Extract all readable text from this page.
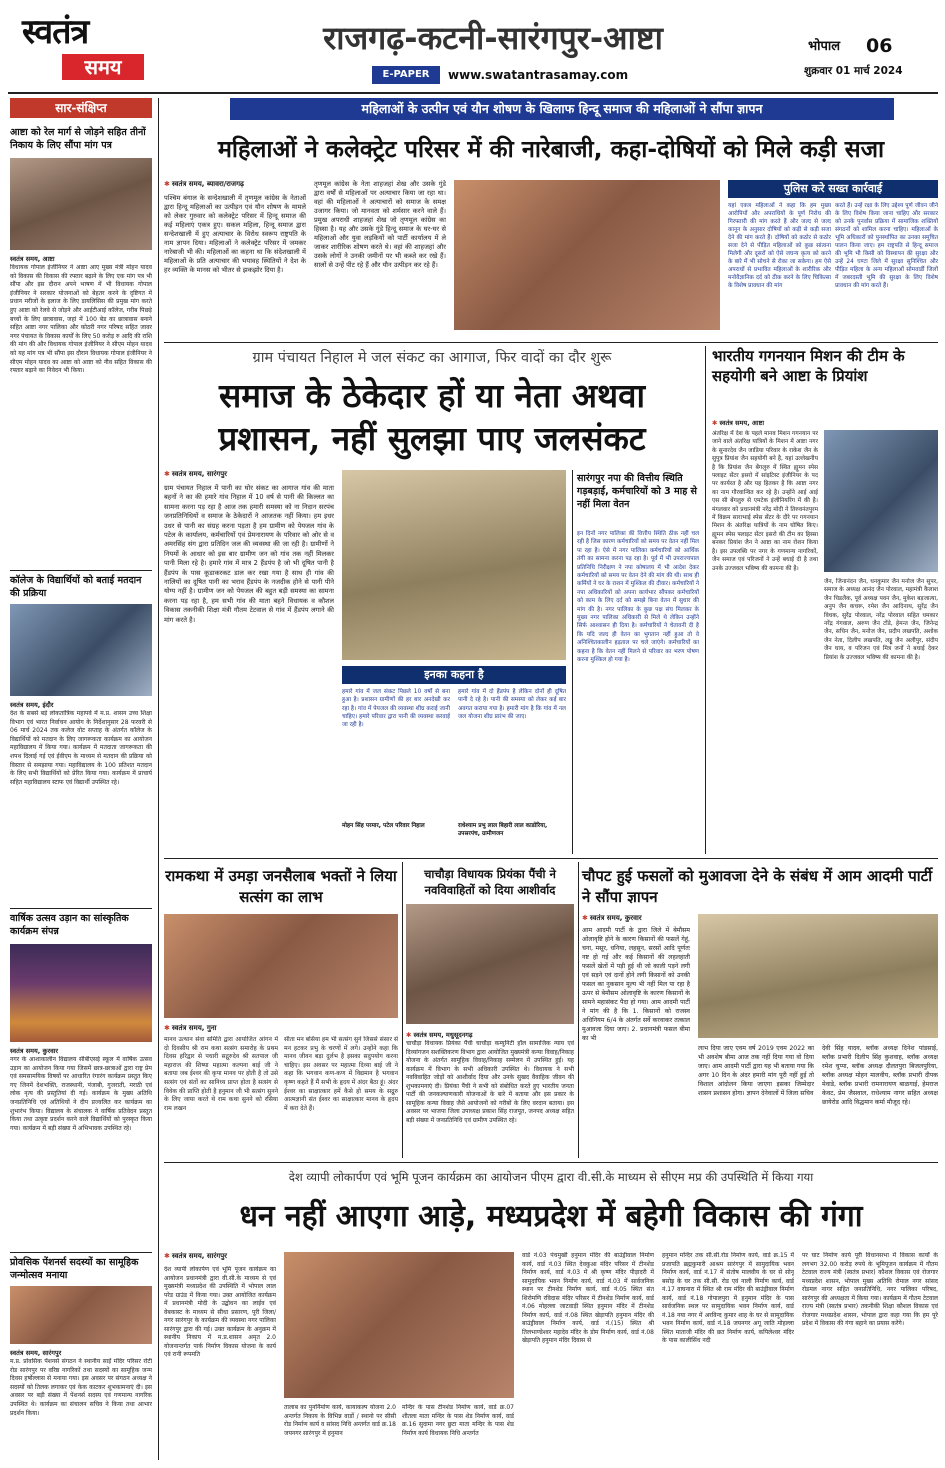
स्वतंत्र
समय
राजगढ़-कटनी-सारंगपुर-आष्टा
E-PAPER	www.swatantrasamay.com
भोपाल	06
शुक्रवार 01 मार्च 2024
सार-संक्षिप्त
आष्टा को रेल मार्ग से जोड़ने सहित तीनों निकाय के लिए सौंपा मांग पत्र
स्वतंत्र समय, आष्टा
विधायक गोपाल इंजीनियर ने आष्टा आए मुख्य मंत्री मोहन यादव को विकास की विकास की रफ्तार बढ़ाने के लिए एक मांग पत्र भी सौंपा और इस दौरान अपने भाषण में भी विधायक गोपाल इंजीनियर ने सरकार योजनाओं को बेहतर करने के दृष्टिगत में प्रधान मरीजों के इलाज के लिए डायलिसिस की प्रमुख मांग करते हुए आष्टा को रेलवे से जोड़ने और आईटीआई कॉलेज, गरीब पिछड़े बच्चों के लिए छात्रावास, जहां में 100 बेड का छात्रावास बनाने सहित आष्टा नगर पालिका और कोठरी नगर परिषद सहित जावर नगर पंचायत के विकास कार्यों के लिए 50 करोड़ रु आदि की राशि की मांग की और विधायक गोपाल इंजीनियर ने सीएम मोहन यादव को यह मांग पत्र भी सौंपा इस दौरान विधायक गोपाल इंजीनियर ने सीएम मोहन यादव का आष्टा को आष्टा को नीव सहित विकास की रफ्तार बढ़ाने का निवेदन भी किया।
कॉलेज के विद्यार्थियों को बताई मतदान की प्रक्रिया
स्वतंत्र समय, इंदौर
देश के सबसे बड़े लोकतांत्रिक महापर्व में म.प्र. शासन उच्च शिक्षा विभाग एवं भारत निर्वाचन आयोग के निर्देशानुसार 28 फरवरी से 06 मार्च 2024 तक कलेज वोट सप्ताह के अंतर्गत कॉलेज के विद्यार्थियों को मतदान के लिए जागरूकता कार्यक्रम का आयोजन महाविद्यालय में किया गया। कार्यक्रम में मतदाता जागरूकता की शपथ दिलाई गई एवं ईवीएम के माध्यम से मतदान की प्रक्रिया को विस्तार से समझाया गया। महाविद्यालय के 100 प्रतिशत मतदान के लिए सभी विद्यार्थियों को प्रेरित किया गया। कार्यक्रम में प्राचार्य सहित महाविद्यालय स्टाफ एवं विद्यार्थी उपस्थित रहे।
वार्षिक उत्सव उड़ान का सांस्कृतिक कार्यक्रम संपन्न
स्वतंत्र समय, कुरवार
नगर के आशाकालीन विद्यालय सीबीएसई स्कूल में वार्षिक उत्सव उड़ान का आयोजन किया गया जिसमें छात्र-छात्राओं द्वारा राष्ट्र प्रेम एवं समसामयिक विषयों पर आधारित रंगारंग कार्यक्रम प्रस्तुत किए गए जिनमें देशभक्ति, राजस्थानी, पंजाबी, गुजराती, मराठी एवं लोक नृत्य की प्रस्तुतियां दी गई। कार्यक्रम के मुख्य अतिथि जनप्रतिनिधि एवं अतिथियों ने दीप प्रज्वलित कर कार्यक्रम का शुभारंभ किया। विद्यालय के संचालक ने वार्षिक प्रतिवेदन प्रस्तुत किया तथा उत्कृष्ट प्रदर्शन करने वाले विद्यार्थियों को पुरस्कृत किया गया। कार्यक्रम में बड़ी संख्या में अभिभावक उपस्थित रहे।
प्रोवसिक पेंशनर्स सदस्यों का सामूहिक जन्मोत्सव मनाया
स्वतंत्र समय, सारंगपुर
म.प्र. प्रोवसिक पेंशनर्स संगठन ने स्थानीय साईं मंदिर परिसर रोटी रोड सारंगपुर पर वरिष्ठ नागरिकों तथा सदस्यों का सामूहिक जन्म दिवस हर्षोल्लास से मनाया गया। इस अवसर पर संगठन अध्यक्ष ने सदस्यों को तिलक लगाकर एवं केक काटकर शुभकामनाएं दी। इस अवसर पर बड़ी संख्या में पेंशनर्स सदस्य एवं गणमान्य नागरिक उपस्थित थे। कार्यक्रम का संचालन सचिव ने किया तथा आभार प्रदर्शन किया।
महिलाओं के उत्पीन एवं यौन शोषण के खिलाफ हिन्दू समाज की महिलाओं ने सौंपा ज्ञापन
महिलाओं ने कलेक्ट्रेट परिसर में की नारेबाजी, कहा-दोषियों को मिले कड़ी सजा
✱ स्वतंत्र समय, ब्यावरा/राजगढ़
पश्चिम बंगाल के सन्देशखाली में तृणमूल कांग्रेस के नेताओं द्वारा हिन्दू महिलाओं का उत्पीड़न एवं यौन शोषण के मामले को लेकर गुरुवार को कलेक्ट्रेट परिसर में हिन्दू समाज की कई महिलाएं एकत्र हुए। सकल महिला, हिन्दू समाज द्वारा सन्देशखाली में हुए अत्याचार के विरोध स्वरूप राष्ट्रपति के नाम ज्ञापन दिया। महिलाओं ने कलेक्ट्रेट परिसर में जमकर नारेबाजी भी की। महिलाओं का कहना था कि संदेशखाली में महिलाओं के प्रति अत्याचार की भयावह स्थितियों ने देश के हर व्यक्ति के मानस को भीतर से झकझोर दिया है।
तृणमूल कांग्रेस के नेता शाहजहां शेख और उसके गुंडे द्वारा वर्षों से महिलाओं पर अत्याचार किया जा रहा था। वहां की महिलाओं ने अत्याचारों को समाज के समक्ष उजागर किया। जो मानवता को शर्मसार करने वाले हैं। प्रमुख अपराधी शाहजहां शेख जो तृणमूल कांग्रेस का हिस्सा है। यह और उसके गुंडे हिन्दू समाज के घर-घर से महिलाओं और युवा लड़कियों को पार्टी कार्यालय में ले जाकर शारीरिक शोषण करते थे। वहां की शाहजहां और उसके लोगों ने उनकी जमीनों पर भी कब्जे कर रखे हैं। सालों से उन्हें पीट रहे हैं और यौन उत्पीड़न कर रहे हैं।
पुलिस करे सख्त कार्रवाई
यहां एकत्र महिलाओं ने कहा कि हम मुख्य आरोपियों और अपराधियों के पूर्ण निरोध की गिरफ्तारी की मांग करते हैं और जल्द से जल्द कानून के अनुसार दोषियों को कड़ी से कड़ी सजा देने की मांग करते हैं। दोषियों को कठोर से कठोर सजा देने से पीड़ित महिलाओं को कुछ सांत्वना मिलेगी और दूसरों को ऐसे जघन्य कृत्य को करने के बारे में भी सोचने से रोका जा सकेगा। हम ऐसे अपराधों से प्रभावित महिलाओं के शारीरिक और मनोवैज्ञानिक दर्द को ठीक करने के लिए चिकित्सा के विशेष प्रावधान की मांग
करते हैं। उन्हें रक्षा के लिए उद्देश्य पूर्ण जीवन जीने के लिए विशेष किया जाना चाहिए और सरकार को उनके पुनर्वास प्रक्रिया में सामाजिक शक्तियों संगठनों को शामिल करना चाहिए। महिलाओं के भूमि अधिकारों को पुनर्स्थापित का उनका समुचित पालन किया जाए। हम राष्ट्रपति से हिन्दू समाज की भूमि भी किसी को विस्थापन की सुरक्षा और उन्हें 24 घण्टा जिले में सुरक्षा सुनिश्चित और पीड़ित महिला के अन्य महिलाओं सोमवार्डी जिलों में जबरदस्ती भूमि की सुरक्षा के लिए विशेष प्रावधान की मांग करते हैं।
ग्राम पंचायत निहाल मे जल संकट का आगाज, फिर वादों का दौर शुरू
समाज के ठेकेदार हों या नेता अथवा प्रशासन, नहीं सुलझा पाए जलसंकट
✱ स्वतंत्र समय, सारंगपुर
ग्राम पंचायत निहाल में पानी का घोर संकट का आगाज गांव की माता बहनों ने का की हमारे गांव निहाल में 10 वर्ष से पानी की किल्लत का सामना करना पड़ रहा है आज तक हमारी समस्या को ना निदान सरपंच जनप्रतिनिधियों व समाज के ठेकेदारों ने आजतक नहीं किया। हम इधर उधर से पानी का संग्रह करना पड़ता है हम ग्रामीण को पेयजल गांव के पटेल के कार्यालय, कर्मचारियों एवं प्रेमनारायण के परिवार को ओर से व अमरसिंह संग द्वारा प्रतिदिन जल की व्यवस्था की जा रही है। ग्रामीणों ने नियमों के आधार को इस बार ग्रामीण जन को गांव तक नहीं मिलकर पानी मिला रहे है। हमारे गांव में मात्र 2 हैंडपंप है जो भी दूषित पानी है हैंडपंप के पास कूडाकरकट डाल कर रखा गया है साथ ही गांव की नालियों का दूषित पानी का भराव हैंडपंप के नजदीक होने से पानी पीने योग्य नहीं है। ग्रामीण जन को पेयजल की बहुत बड़ी समस्या का सामना करना पड़ रहा है, हम सभी गांव की माता बहने विधायक व कौशल विकास तकनीकी शिक्षा मंत्री गौतम टेटवाल से गांव में हैंडपंप लगाने की मांग करते है।
इनका कहना है
हमारे गांव में जल संकट पिछले 10 वर्षों से बना हुआ है। प्रशासन ग्रामीणों की हर बार अनदेखी कर रहा है। गांव में पेयजल की व्यवस्था शीघ्र कराई जानी चाहिए। हमारे परिवार द्वारा पानी की व्यवस्था करवाई जा रही है।
मोहन सिंह परमार, पटेल परिवार निहाल
हमारे गांव में दो हैंडपंप है लेकिन दोनों ही दूषित पानी दे रहे है। पानी की समस्या को लेकर कई बार अवगत कराया गया है। हमारी मांग है कि गांव में नल जल योजना शीघ्र प्रारंभ की जाए।
राधेश्याम प्रभु लाल बिहारी लाल काडोरिया, उपसरपंच, ग्रामीणजन
सारंगपुर नपा की वित्तीय स्थिति गड़बड़ाई, कर्मचारियों को 3 माह से नहीं मिला वेतन
इन दिनों नगर पालिका की वित्तीय स्थिति ठीक नहीं चल रही है जिस कारण कर्मचारियों को समय पर वेतन नहीं मिल पा रहा है। ऐसे में नगर पालिका कर्मचारियों को आर्थिक तंगी का सामना करना पड़ रहा है। पूर्व में भी उपराज्यपाल प्रतिनिधि निरीक्षण ने नपा कोषालय में भी आदेश देकर कर्मचारियों को समय पर वेतन देने की मांग की थी। साथ ही कर्मियों ने घर के राशन में मुश्किल की दीवार। कर्मचारियों ने नपा अधिकारियों को अपना कार्यभार सौंपकर कर्मचारियों को काम के लिए दर्द को समझे बिना वेतन में सुधार की मांग की है। नगर पालिका के कुछ पक्ष संघ मिलकर के मुख्य नगर पालिका अधिकारी से मिले थे लेकिन उन्होंने सिर्फ आश्वासन ही दिया है। कर्मचारियों ने चेतावनी दी है कि यदि जल्द ही वेतन का भुगतान नहीं हुआ तो वे अनिश्चितकालीन हड़ताल पर चले जाएंगे। कर्मचारियों का कहना है कि वेतन नहीं मिलने से परिवार का भरण पोषण करना मुश्किल हो गया है।
भारतीय गगनयान मिशन की टीम के सहयोगी बने आष्टा के प्रियांश
✱ स्वतंत्र समय, आष्टा
अंतरिक्ष में देश के पहले मानव मिशन गगनयान पर जाने वाले अंतरिक्ष यात्रियों के मिशन में आष्टा नगर के सुनारदेव जैन जाडिया परिवार के राकेश जैन के सुपुत्र प्रियांश जैन सहयोगी बने है, यहां उल्लेखनीय है कि प्रियांश जैन बेंगलुरु में स्थित ह्यूमन स्पेस फ्लाइट सेंटर इसरो में सांइटिस्ट इंजीनियर के पद पर कार्यरत है और यह हितकर है कि आष्टा नगर का नाम गौरवान्वित कर रहे है। उन्होंने आई आई एस सी बेंगलुरु से एमटेक इंजीनियरिंग में की है। मंगलवार को प्रधानमंत्री नरेंद्र मोदी ने तिरुवनंतपुरम में विक्रम साराभाई स्पेस सेंटर के दौरे पर गगनयान मिशन के अंतरिक्ष यात्रियों के नाम घोषित किए। ह्यूमन स्पेस फ्लाइट सेंटर इसरो की टीम का हिस्सा बनकर प्रियांश जैन ने आष्टा का नाम रोशन किया है। इस उपलब्धि पर नगर के गणमान्य नागरिकों, जैन समाज एवं परिजनों ने उन्हें बधाई दी है तथा उनके उज्जवल भविष्य की कामना की है।
जैन, जिनानंदन जैन, धनकुमार जैन मनोज जैन सुपर, समाज के अध्यक्ष आनंद जैन पोरवाल, महामंत्री कैलाश जैन चिडलैक, पूर्व अध्यक्ष पवन जैन, मुकेश बड़जात्या, अनुप जैन कचरू, रमेश जैन आदिनाथ, सुरेंद्र जैन विधक, सुरेंद्र पोरवाल, नरेंद्र पोरवाल सहित धमकार नरेंद्र गंगवाल, अरुण जैन टोंडे, हेमन्त जैन, जिनेन्द्र जैन, सचिन जैन, मनोज जैन, प्रदीप लखपति, अशोक जैन नेता, दिलीप लखपति, लड्डू जैन अलीपुर, संदीप जैन घाय, व परिजन एवं मित्र जनों ने बधाई देकर प्रियांश के उज्जवल भविष्य की कामना की है।
रामकथा में उमड़ा जनसैलाब भक्तों ने लिया सत्संग का लाभ
✱ स्वतंत्र समय, गुना
मानव उत्थान सेवा समिति द्वारा आयोजित आंगन में दो दिवसीय श्री राम कथा सत्संग समारोह के प्रथम दिवस हरिद्वार से पधारी सद्गुरुदेव श्री सतपाल जी महाराज की शिष्या महात्मा कल्पना बाई जी ने बताया जब ईश्वर की कृपा मानव पर होती है तो उसे सत्संग एवं संतों का सानिध्य प्राप्त होता है सत्संग से विवेक की प्राप्ति होती है हनुमान जी भी सत्संग सुनने के लिए जाया करते थे राम कथा सुनने को रसिया राम लखन
सीता मन बसिया हम भी सत्संग सुने जिससे संसार से मन हटकर प्रभु के चरणों में लगे। उन्होंने कहा कि मानव जीवन बड़ा दुर्लभ है इसका सदुपयोग करना चाहिए। इस अवसर पर महात्मा दिव्या बाई जी ने कहा कि भगवान कण-कण में विद्यमान है भगवान कृष्ण कहते हैं मैं सभी के हृदय में अंदर बैठा हूं। अंदर ईश्वर का साक्षात्कार हमें कैसे हो समय के सद्गुरु आत्मज्ञानी संत ईश्वर का साक्षात्कार मानव के हृदय में करा देते हैं।
चाचौड़ा विधायक प्रियंका पैंची ने नवविवाहितों को दिया आशीर्वाद
✱ स्वतंत्र समय, मधुसूदनगढ़
चाचौड़ा विधायक प्रियंका पैंची चाचौड़ा कम्युनिटी हॉल सामाजिक न्याय एवं दिव्यांगजन सशक्तिकरण विभाग द्वारा आयोजित मुख्यमंत्री कन्या विवाह/निकाह योजना के अंतर्गत सामूहिक विवाह/निकाह सम्मेलन में उपस्थित हुई। यह कार्यक्रम में विभाग के सभी अधिकारी उपस्थित थे। विधायक ने सभी नवविवाहित जोड़ों को आशीर्वाद दिया और उनके सुखद वैवाहिक जीवन की शुभकामनाएं दी। प्रियंका पैंची ने सभी को संबोधित करते हुए भारतीय जनता पार्टी की जनकल्याणकारी योजनाओं के बारे में बताया और इस प्रकार के सामूहिक कन्या विवाह जैसे आयोजनों को गरीबों के लिए वरदान बताया। इस अवसर पर भाजपा जिला उपाध्यक्ष प्रकाश सिंह राजपूत, जनपद अध्यक्ष सहित बड़ी संख्या में जनप्रतिनिधि एवं ग्रामीण उपस्थित रहे।
चौपट हुई फसलों को मुआवजा देने के संबंध में आम आदमी पार्टी ने सौंपा ज्ञापन
✱ स्वतंत्र समय, कुरवार
आम आदमी पार्टी के द्वारा जिले में बेमौसम ओलावृष्टि होने के कारण किसानों की फसलें गेहूं, चना, मसूर, धनिया, लहसुन, सरसों आदि पूर्णतः नष्ट हो गई और कई किसानों की लहलहाती फसलें खेतों में पड़ी हुई थी जो काली पड़ने लगी एवं सड़ने एवं दानों होने लगी किसानों को उनकी फसल का नुकसान मूल्य भी नहीं मिल पा रहा है ऊपर से बेमौसम ओलावृष्टि के कारण किसानों के सामने महासंकट पैदा हो गया। आम आदमी पार्टी ने मांग की है कि 1. किसानों को राजस्व अधिनियम 6/4 के अंतर्गत सर्वे करवाकर तत्काल मुआवजा दिया जाए। 2. प्रधानमंत्री फसल बीमा का भी
लाभ दिया जाए एवम वर्ष 2019 एवम 2022 का भी अवशेष बीमा आज तक नहीं दिया गया वो दिया जाए। आम आदमी पार्टी द्वारा यह भी बताया गया कि अगर 10 दिन के अंदर हमारी मांग पूरी नहीं हुई तो विशाल आंदोलन किया जाएगा इसका जिम्मेदार शासन प्रशासन होगा। ज्ञापन देनेवालों में जिला सचिव
देवी सिंह यादव, ब्लॉक अध्यक्ष दिनेश पांडसाई, ब्लॉक प्रभारी दिलीप सिंह कुशवाह, ब्लॉक अध्यक्ष रमेश चुप्पा, ब्लॉक अध्यक्ष दौलतपुरा बिजलपुरिया, ब्लॉक अध्यक्ष मोहन मालवीय, ब्लॉक प्रभारी दीपक मेवाडे, ब्लॉक प्रभारी रामनारायण बाळगाई, हेमराज केवट, प्रेम जैसवाल, राधेश्याम नागर सहित अध्यक्ष छायेरोड आदि विद्धमान कर्मा मौजूद रहे।
देश व्यापी लोकार्पण एवं भूमि पूजन कार्यक्रम का आयोजन पीएम द्वारा वी.सी.के माध्यम से सीएम मप्र की उपस्थिति में किया गया
धन नहीं आएगा आड़े, मध्यप्रदेश में बहेगी विकास की गंगा
✱ स्वतंत्र समय, सारंगपुर
देश व्यापी लोकार्पण एवं भूमि पूजन कार्यक्रम का आयोजन प्रधानमंत्री द्वारा वी.सी.के माध्यम से एवं मुख्यमंत्री मध्यप्रदेश की उपस्थिति में भोपाल लाल परेड ग्राउंड में किया गया। उक्त आयोजित कार्यक्रम में प्रधानमंत्री मोदी के उद्बोधन का लाईव एवं वेबकास्ट के माध्यम से सीधा प्रसारण, पूरी जिला/नगर सारंगपुर के कार्यक्रम की व्यवस्था नगर पालिका सारंगपुर द्वारा की गई। उक्त कार्यक्रम के अनुक्रम में स्थानीय निकाय में म.प्र.शासन अमृत 2.0 योजनान्तर्गत पार्क निर्माण विकास योजना के कार्य एवं रानी रूपमति
तालाब का पुनर्निर्माण कार्य, कायाकल्प योजना 2.0 अन्तर्गत निकाय के विभिन्न वार्डो / स्थानो पर सीसी रोड निर्माण कार्य व सांसद निधि अन्तर्गत वार्ड क्र.18 जयनगर सारंगपुर में हनुमान
मन्दिर के पास टीनशेड निर्माण कार्य, वार्ड क्र.07 शीतला माता मन्दिर के पास शेड निर्माण कार्य, वार्ड क्र.16 सुदामा नगर छुटा माता मन्दिर के पास शेड निर्माण कार्य विधायक निधि अन्तर्गत
वार्ड नं.03 पंचमुखी हनुमान मंदिर की बाउंड्रीवाल निर्माण कार्य, वार्ड नं.03 स्थित देवकुआ मंदिर परिसर में टीनशेड निर्माण कार्य, वार्ड नं.03 में श्री कृष्ण मंदिर पीड़ादरी में सामुदायिक भवन निर्माण कार्य, वार्ड नं.03 में सार्वजनिक स्थान पर टीनशेड निर्माण कार्य, वार्ड नं.05 स्थित संत शिरोमणि रविदास मंदिर परिसर में टीनशेड निर्माण कार्य, वार्ड नं.06 मोहल्ला जाटवाड़ी स्थित हनुमान मंदिर में टीनशेड निर्माण कार्य, वार्ड नं.08 स्थित खेड़ापति हनुमान मंदिर की बाउंड्रीवाल निर्माण कार्य, वार्ड नं.(15) स्थित श्री तिलभाण्डेश्वर महादेव मंदिर के डोम निर्माण कार्य, वार्ड नं.08 खेड़ापति हनुमान मंदिर दिवास से
हनुमान मन्दिर तक सी.सी.रोड निर्माण कार्य, वार्ड क्र.15 में प्रजापति ब्रह्मकुमारी आश्रम सारंगपुर में सामुदायिक भवन निर्माण कार्य, वार्ड नं.17 में संतोष मालवीय के घर से सोनू बसोड़ के घर तक सी.सी. रोड एवं नाली निर्माण कार्य, वार्ड नं.17 वाघनारा में स्थित श्री राम मंदिर की बाउंड्रीवाल निर्माण कार्य, वार्ड नं.18 गोपालपुरा में हनुमान मंदिर के पास सार्वजनिक स्थल पर सामुदायिक भवन निर्माण कार्य, वार्ड नं.18 नया नगर में अरविन्द कुमार शाह के घर से सामुदायिक भवन निर्माण कार्य, वार्ड नं.18 जयनगर अगू जाति मोहल्ला स्थित माताजी मंदिर की छत निर्माण कार्य, कपिलेश्वर मंदिर के पास कालीसिंध नदी
पर घाट निर्माण कार्य पूरी विधानसभा में विकास कार्यों के लगभग 32.00 करोड़ रुपये के भूमिपूजन कार्यक्रम में गौतम टेटवाल राज्य मंत्री (स्वतंत्र प्रभार) कौशल विकास एवं रोजगार मध्यप्रदेश शासन, भोपाल मुख्य अतिथि रोमाल नगर सांसद रोडमल नागर सहित जनप्रतिनिधि, नगर पालिका परिषद, सारंगपुर की अध्यक्षता में किया गया। कार्यक्रम में गौतम टेटवाल राज्य मंत्री (स्वतंत्र प्रभार) तकनीकी शिक्षा कौशल विकास एवं रोजगार मध्यप्रदेश शासन, भोपाल द्वारा कहा गया कि हम पूरे प्रदेश में विकास की गंगा बहाने का प्रयास करेंगे।
